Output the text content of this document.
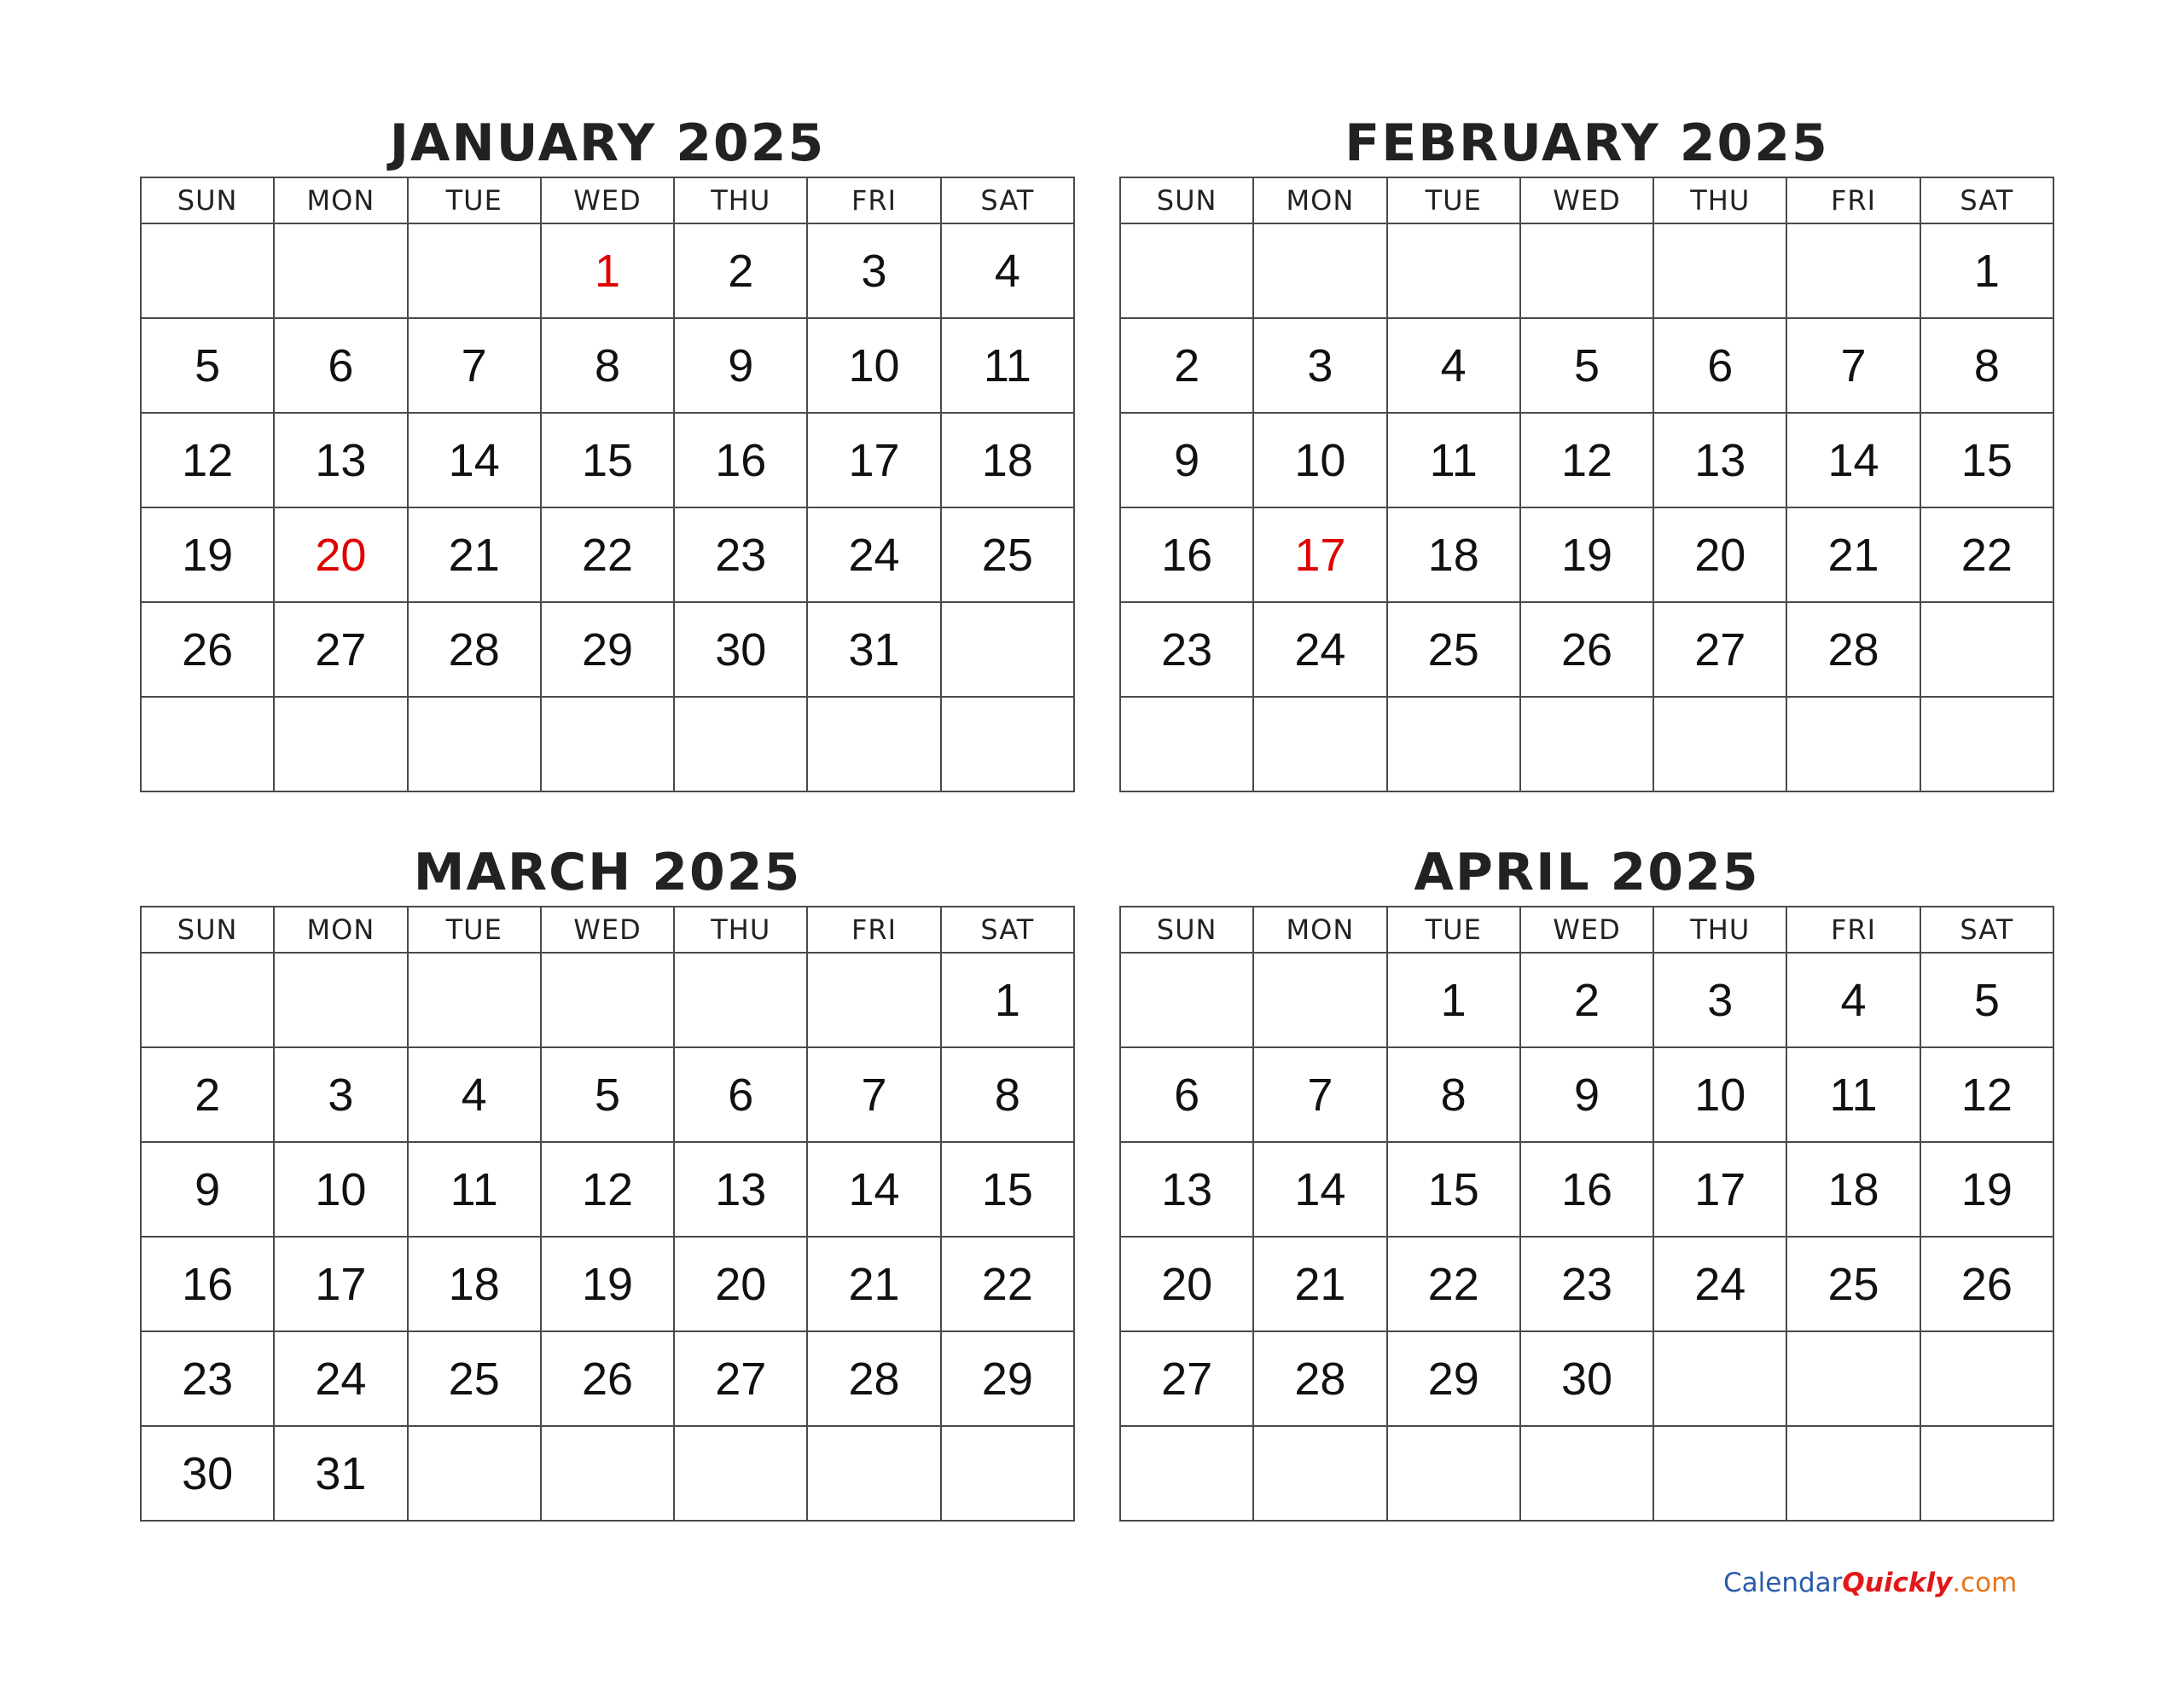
JANUARY 2025
SUN	MON	TUE	WED	THU	FRI	SAT
			1	2	3	4
5	6	7	8	9	10	11
12	13	14	15	16	17	18
19	20	21	22	23	24	25
26	27	28	29	30	31	

FEBRUARY 2025
SUN	MON	TUE	WED	THU	FRI	SAT
						1
2	3	4	5	6	7	8
9	10	11	12	13	14	15
16	17	18	19	20	21	22
23	24	25	26	27	28	

MARCH 2025
SUN	MON	TUE	WED	THU	FRI	SAT
						1
2	3	4	5	6	7	8
9	10	11	12	13	14	15
16	17	18	19	20	21	22
23	24	25	26	27	28	29
30	31					
APRIL 2025
SUN	MON	TUE	WED	THU	FRI	SAT
		1	2	3	4	5
6	7	8	9	10	11	12
13	14	15	16	17	18	19
20	21	22	23	24	25	26
27	28	29	30			

CalendarQuickly.com
